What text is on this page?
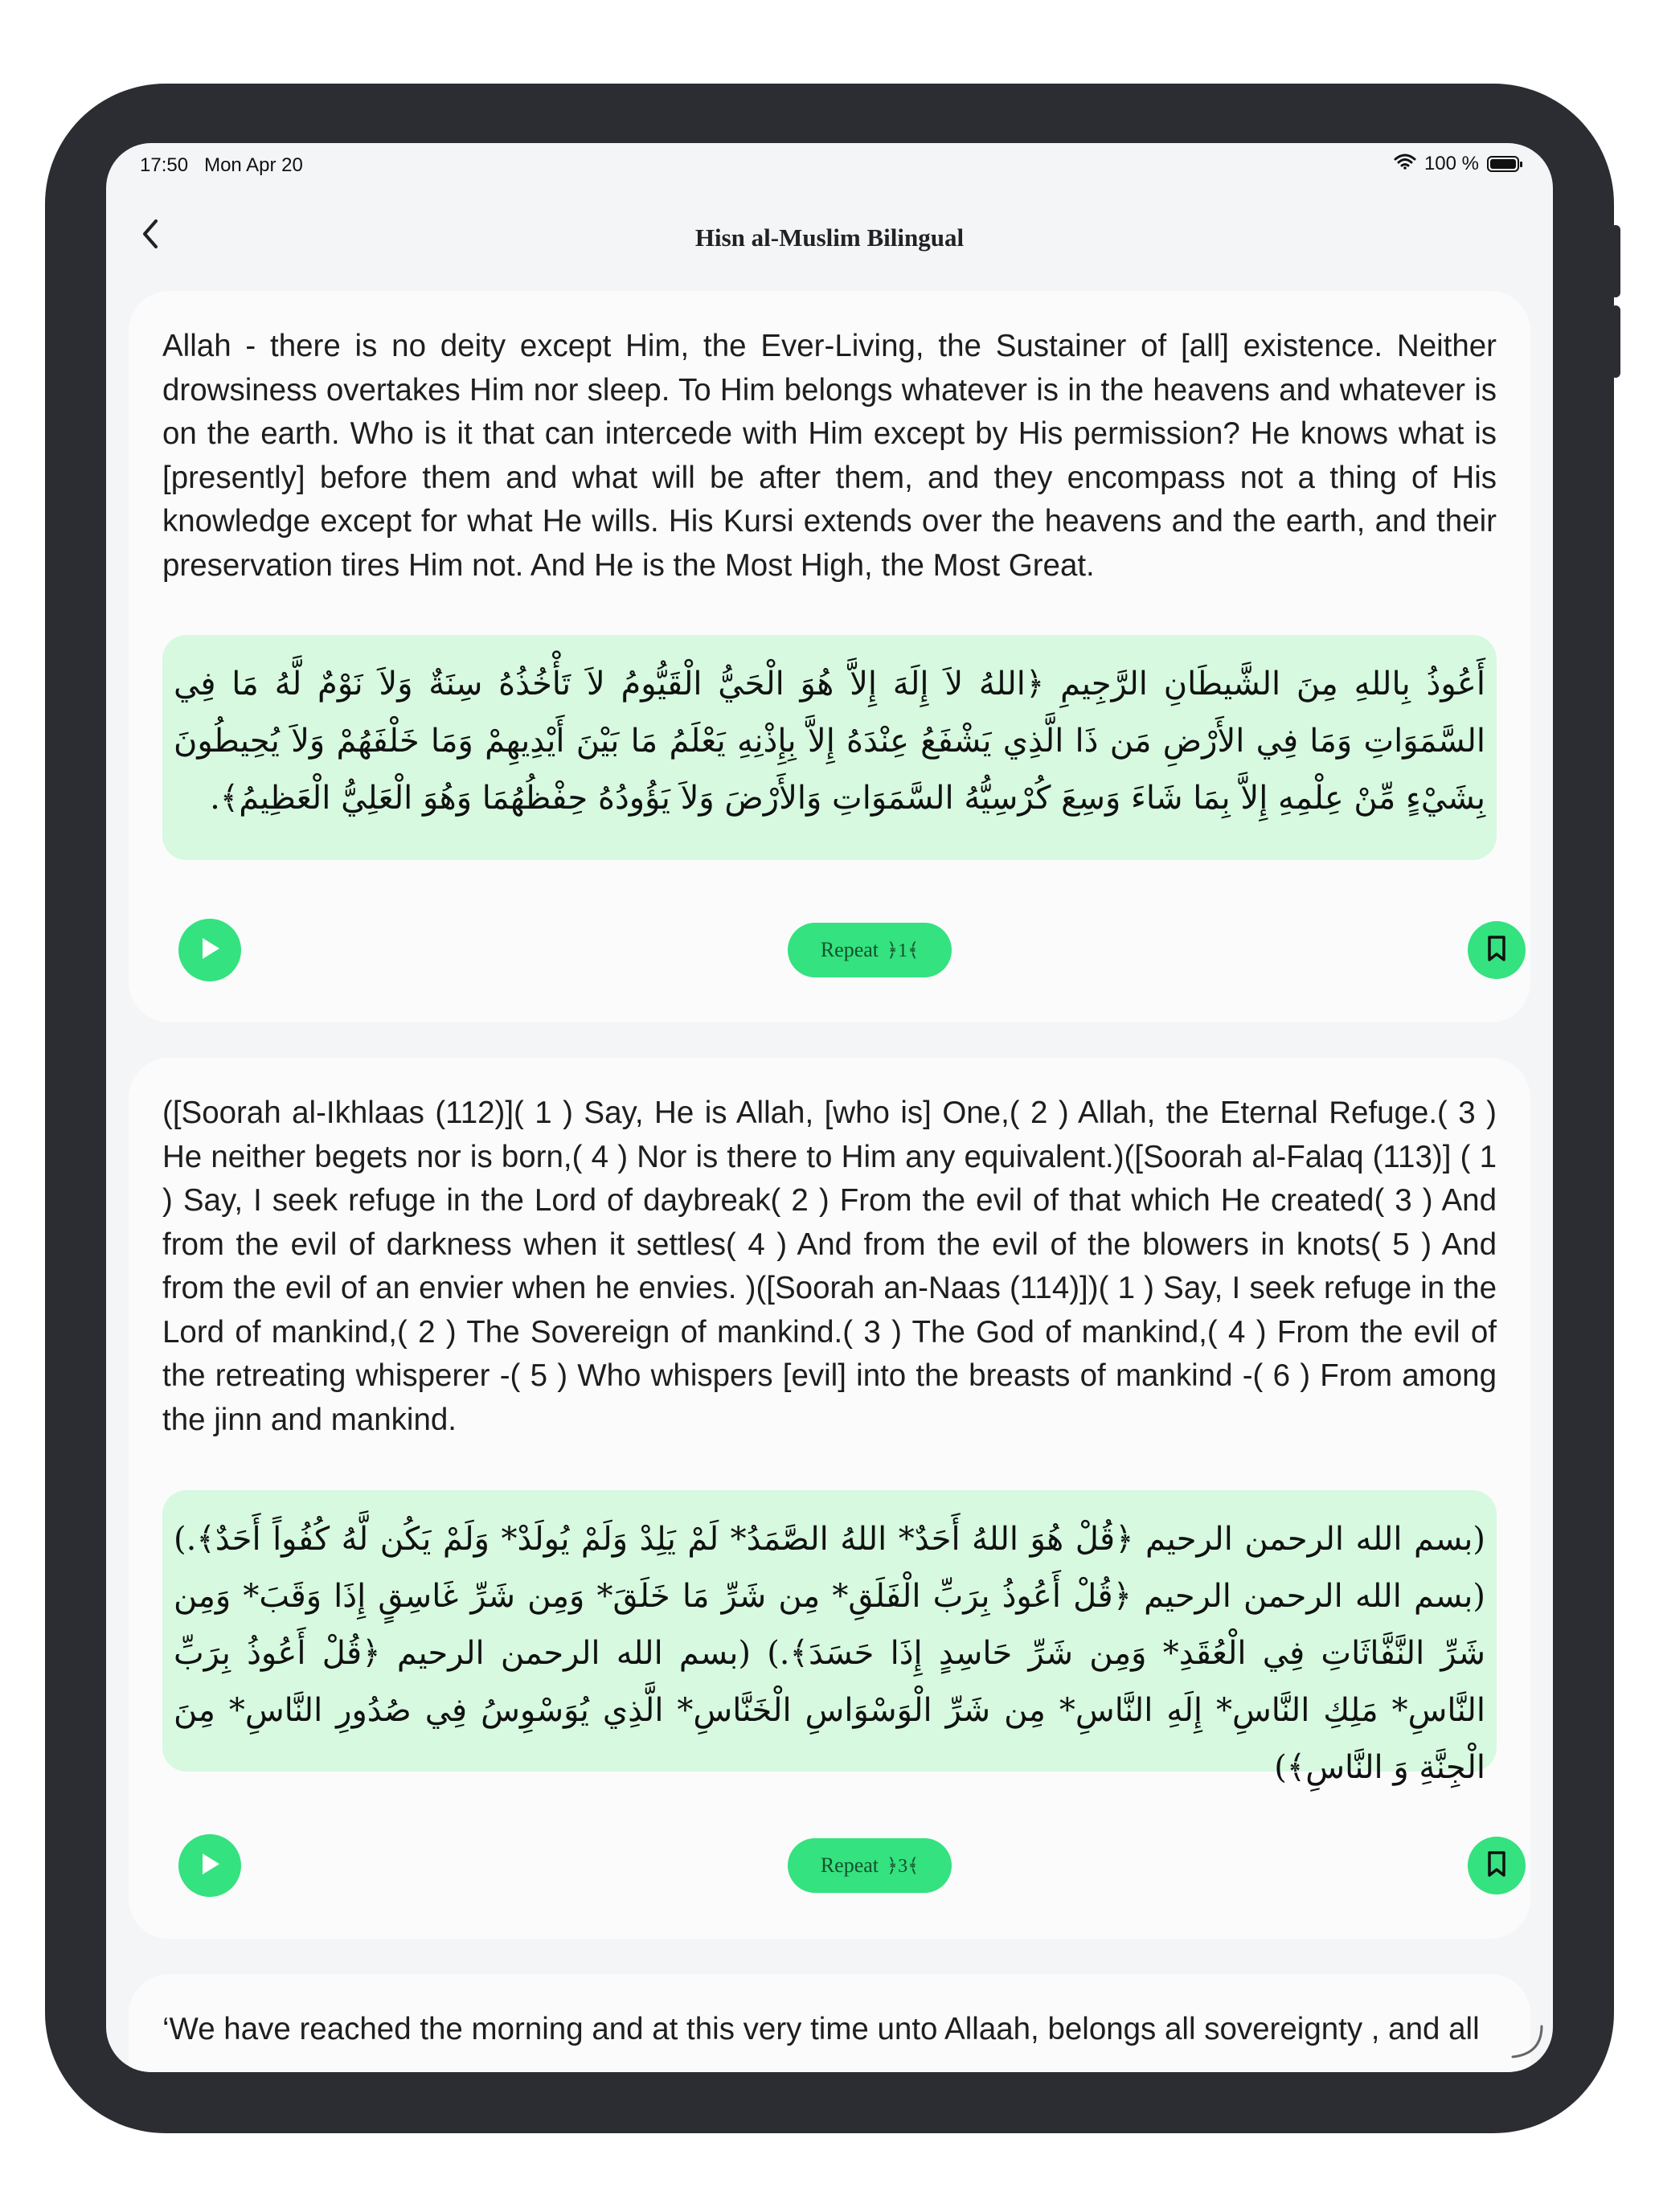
17:50 Mon Apr 20	100 %
Hisn al-Muslim Bilingual

Allah - there is no deity except Him, the Ever-Living, the Sustainer of [all] existence. Neither drowsiness overtakes Him nor sleep. To Him belongs whatever is in the heavens and whatever is on the earth. Who is it that can intercede with Him except by His permission? He knows what is [presently] before them and what will be after them, and they encompass not a thing of His knowledge except for what He wills. His Kursi extends over the heavens and the earth, and their preservation tires Him not. And He is the Most High, the Most Great.

أَعُوذُ بِاللهِ مِنَ الشَّيطَانِ الرَّجِيمِ ﴿اللهُ لاَ إِلَهَ إِلاَّ هُوَ الْحَيُّ الْقَيُّومُ لاَ تَأْخُذُهُ سِنَةٌ وَلاَ نَوْمٌ لَّهُ مَا فِي السَّمَوَاتِ وَمَا فِي الأَرْضِ مَن ذَا الَّذِي يَشْفَعُ عِنْدَهُ إِلاَّ بِإِذْنِهِ يَعْلَمُ مَا بَيْنَ أَيْدِيهِمْ وَمَا خَلْفَهُمْ وَلاَ يُحِيطُونَ بِشَيْءٍ مِّنْ عِلْمِهِ إِلاَّ بِمَا شَاءَ وَسِعَ كُرْسِيُّهُ السَّمَوَاتِ وَالأَرْضَ وَلاَ يَؤُودُهُ حِفْظُهُمَا وَهُوَ الْعَلِيُّ الْعَظِيمُ﴾.
Repeat ﴿1﴾

([Soorah al-Ikhlaas (112)]( 1 ) Say, He is Allah, [who is] One,( 2 ) Allah, the Eternal Refuge.( 3 ) He neither begets nor is born,( 4 ) Nor is there to Him any equivalent.)([Soorah al-Falaq (113)] ( 1 ) Say, I seek refuge in the Lord of daybreak( 2 ) From the evil of that which He created( 3 ) And from the evil of darkness when it settles( 4 ) And from the evil of the blowers in knots( 5 ) And from the evil of an envier when he envies. )([Soorah an-Naas (114)])( 1 ) Say, I seek refuge in the Lord of mankind,( 2 ) The Sovereign of mankind.( 3 ) The God of mankind,( 4 ) From the evil of the retreating whisperer -( 5 ) Who whispers [evil] into the breasts of mankind -( 6 ) From among the jinn and mankind.

(بسم الله الرحمن الرحيم ﴿قُلْ هُوَ اللهُ أَحَدٌ* اللهُ الصَّمَدُ* لَمْ يَلِدْ وَلَمْ يُولَدْ* وَلَمْ يَكُن لَّهُ كُفُواً أَحَدٌ﴾.) (بسم الله الرحمن الرحيم ﴿قُلْ أَعُوذُ بِرَبِّ الْفَلَقِ* مِن شَرِّ مَا خَلَقَ* وَمِن شَرِّ غَاسِقٍ إِذَا وَقَبَ* وَمِن شَرِّ النَّفَّاثَاتِ فِي الْعُقَدِ* وَمِن شَرِّ حَاسِدٍ إِذَا حَسَدَ﴾.) (بسم الله الرحمن الرحيم ﴿قُلْ أَعُوذُ بِرَبِّ النَّاسِ* مَلِكِ النَّاسِ* إِلَهِ النَّاسِ* مِن شَرِّ الْوَسْوَاسِ الْخَنَّاسِ* الَّذِي يُوَسْوِسُ فِي صُدُورِ النَّاسِ* مِنَ الْجِنَّةِ وَ النَّاسِ﴾)
Repeat ﴿3﴾

‘We have reached the morning and at this very time unto Allaah, belongs all sovereignty , and all
